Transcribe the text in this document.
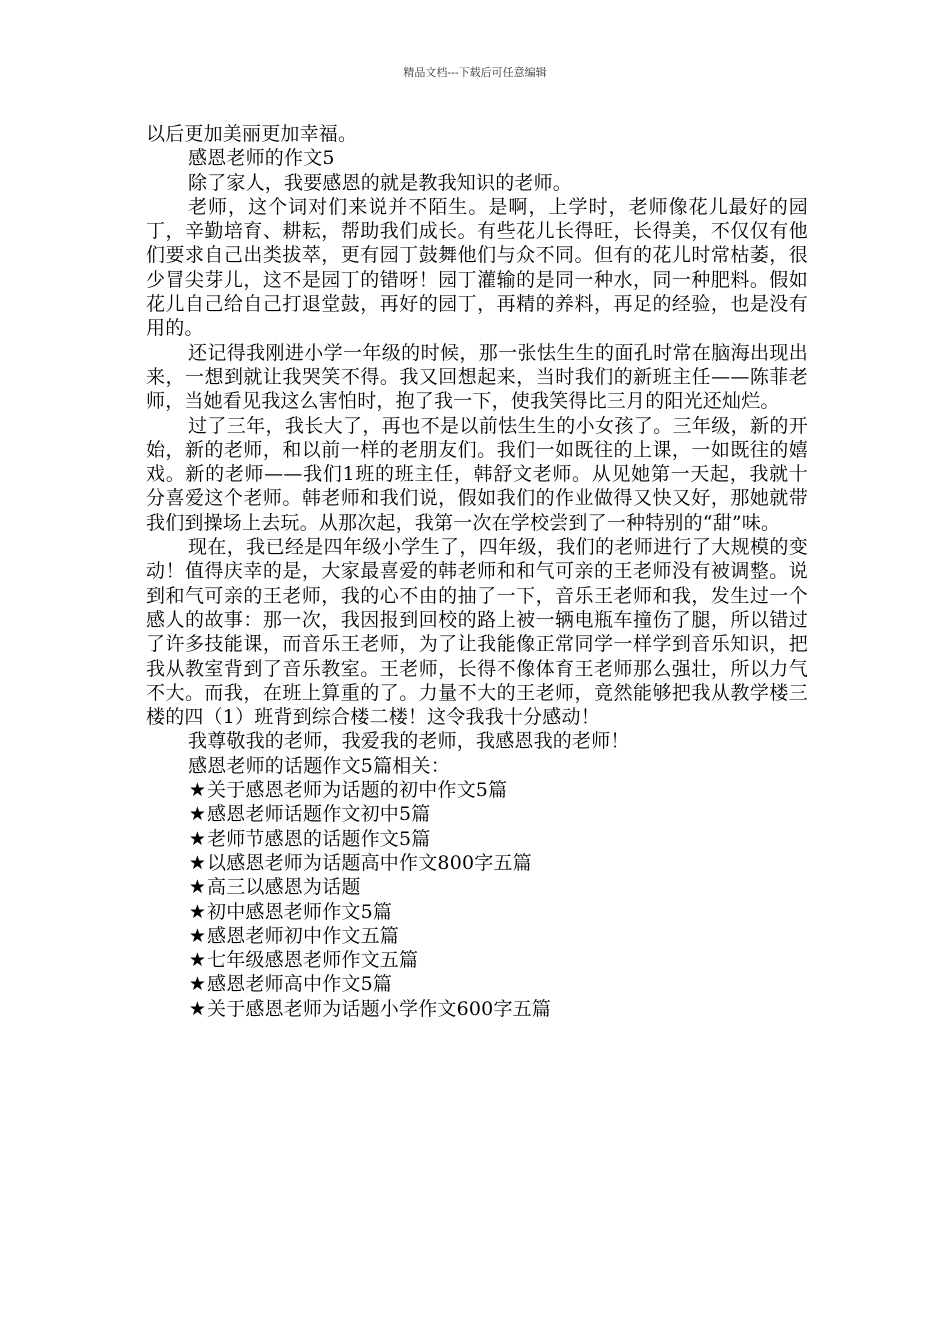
精品文档---下载后可任意编辑

以后更加美丽更加幸福。

感恩老师的作文5

除了家人，我要感恩的就是教我知识的老师。

老师，这个词对们来说并不陌生。是啊，上学时，老师像花儿最好的园丁，辛勤培育、耕耘，帮助我们成长。有些花儿长得旺，长得美，不仅仅有他们要求自己出类拔萃，更有园丁鼓舞他们与众不同。但有的花儿时常枯萎，很少冒尖芽儿，这不是园丁的错呀！园丁灌输的是同一种水，同一种肥料。假如花儿自己给自己打退堂鼓，再好的园丁，再精的养料，再足的经验，也是没有用的。

还记得我刚进小学一年级的时候，那一张怯生生的面孔时常在脑海出现出来，一想到就让我哭笑不得。我又回想起来，当时我们的新班主任——陈菲老师，当她看见我这么害怕时，抱了我一下，使我笑得比三月的阳光还灿烂。

过了三年，我长大了，再也不是以前怯生生的小女孩了。三年级，新的开始，新的老师，和以前一样的老朋友们。我们一如既往的上课，一如既往的嬉戏。新的老师——我们1班的班主任，韩舒文老师。从见她第一天起，我就十分喜爱这个老师。韩老师和我们说，假如我们的作业做得又快又好，那她就带我们到操场上去玩。从那次起，我第一次在学校尝到了一种特别的“甜”味。

现在，我已经是四年级小学生了，四年级，我们的老师进行了大规模的变动！值得庆幸的是，大家最喜爱的韩老师和和气可亲的王老师没有被调整。说到和气可亲的王老师，我的心不由的抽了一下，音乐王老师和我，发生过一个感人的故事：那一次，我因报到回校的路上被一辆电瓶车撞伤了腿，所以错过了许多技能课，而音乐王老师，为了让我能像正常同学一样学到音乐知识，把我从教室背到了音乐教室。王老师，长得不像体育王老师那么强壮，所以力气不大。而我，在班上算重的了。力量不大的王老师，竟然能够把我从教学楼三楼的四（1）班背到综合楼二楼！这令我我十分感动！

我尊敬我的老师，我爱我的老师，我感恩我的老师！

感恩老师的话题作文5篇相关：

★关于感恩老师为话题的初中作文5篇
★感恩老师话题作文初中5篇
★老师节感恩的话题作文5篇
★以感恩老师为话题高中作文800字五篇
★高三以感恩为话题
★初中感恩老师作文5篇
★感恩老师初中作文五篇
★七年级感恩老师作文五篇
★感恩老师高中作文5篇
★关于感恩老师为话题小学作文600字五篇
